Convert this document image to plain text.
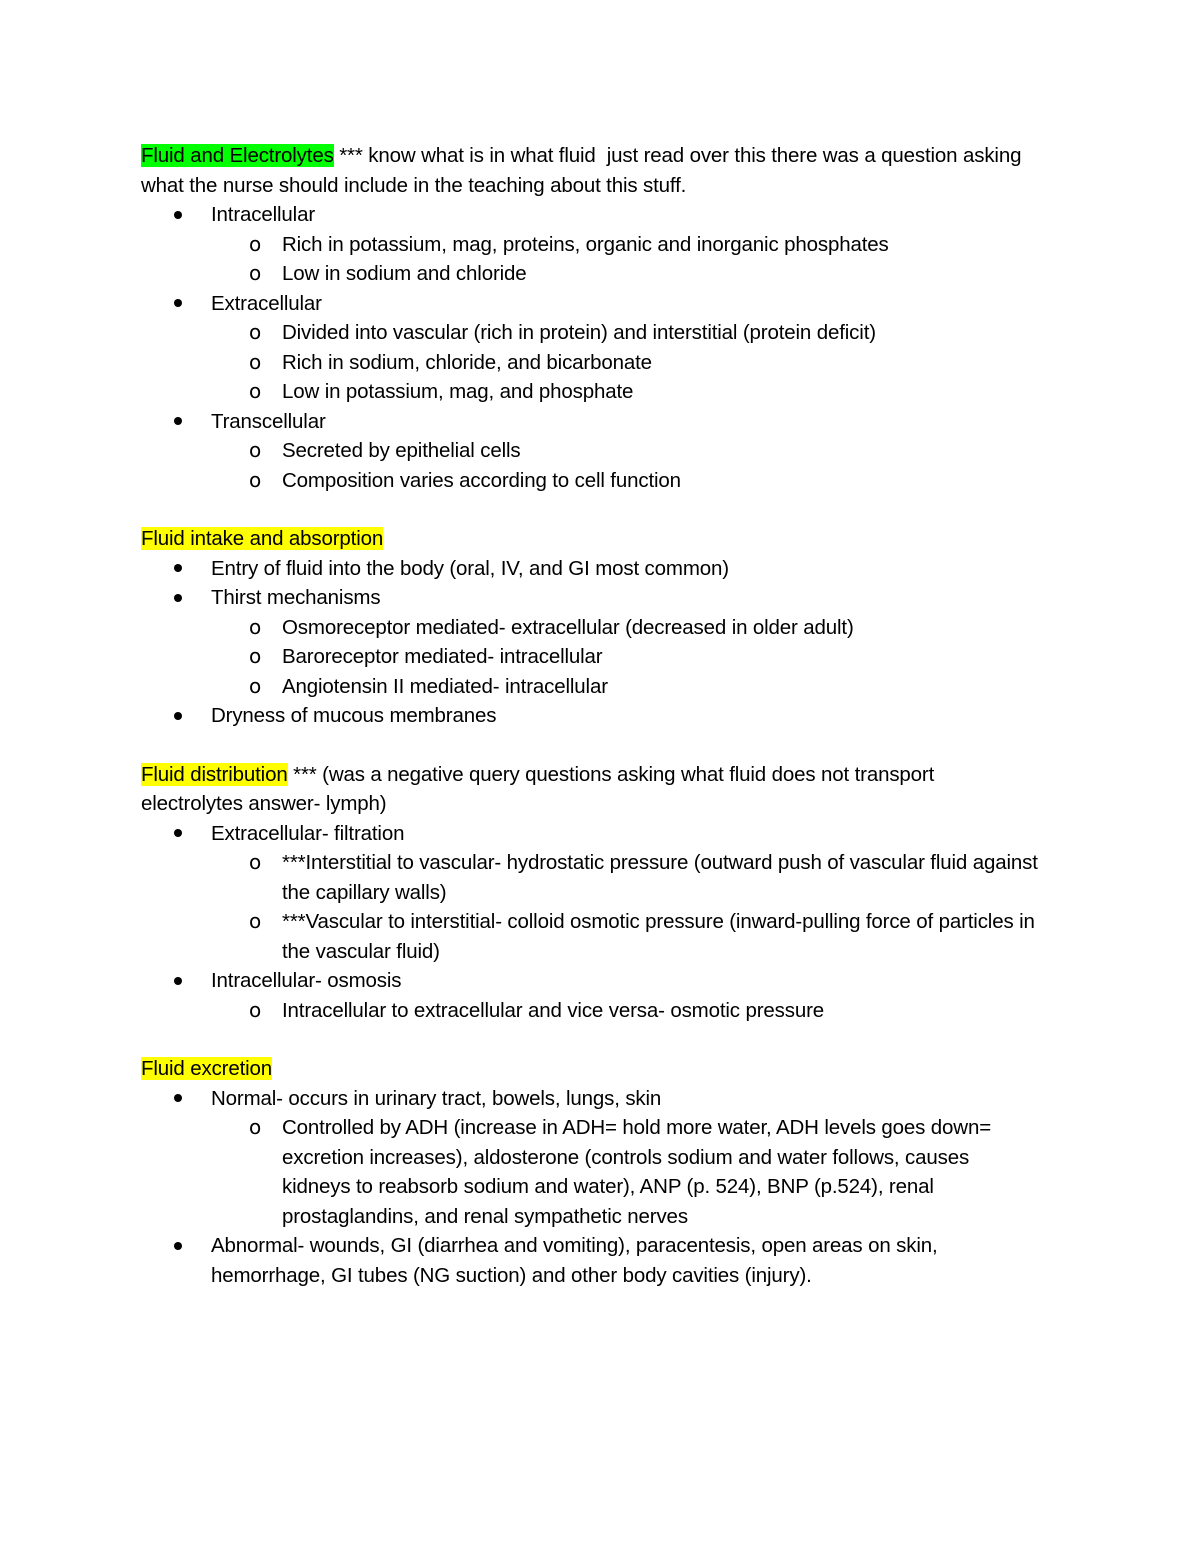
Fluid and Electrolytes *** know what is in what fluid  just read over this there was a question asking what the nurse should include in the teaching about this stuff.

Intracellular
o Rich in potassium, mag, proteins, organic and inorganic phosphates
o Low in sodium and chloride
Extracellular
o Divided into vascular (rich in protein) and interstitial (protein deficit)
o Rich in sodium, chloride, and bicarbonate
o Low in potassium, mag, and phosphate
Transcellular
o Secreted by epithelial cells
o Composition varies according to cell function

Fluid intake and absorption

Entry of fluid into the body (oral, IV, and GI most common)
Thirst mechanisms
o Osmoreceptor mediated- extracellular (decreased in older adult)
o Baroreceptor mediated- intracellular
o Angiotensin II mediated- intracellular
Dryness of mucous membranes

Fluid distribution *** (was a negative query questions asking what fluid does not transport electrolytes answer- lymph)

Extracellular- filtration
o ***Interstitial to vascular- hydrostatic pressure (outward push of vascular fluid against the capillary walls)
o ***Vascular to interstitial- colloid osmotic pressure (inward-pulling force of particles in the vascular fluid)
Intracellular- osmosis
o Intracellular to extracellular and vice versa- osmotic pressure

Fluid excretion

Normal- occurs in urinary tract, bowels, lungs, skin
o Controlled by ADH (increase in ADH= hold more water, ADH levels goes down= excretion increases), aldosterone (controls sodium and water follows, causes kidneys to reabsorb sodium and water), ANP (p. 524), BNP (p.524), renal prostaglandins, and renal sympathetic nerves
Abnormal- wounds, GI (diarrhea and vomiting), paracentesis, open areas on skin, hemorrhage, GI tubes (NG suction) and other body cavities (injury).
